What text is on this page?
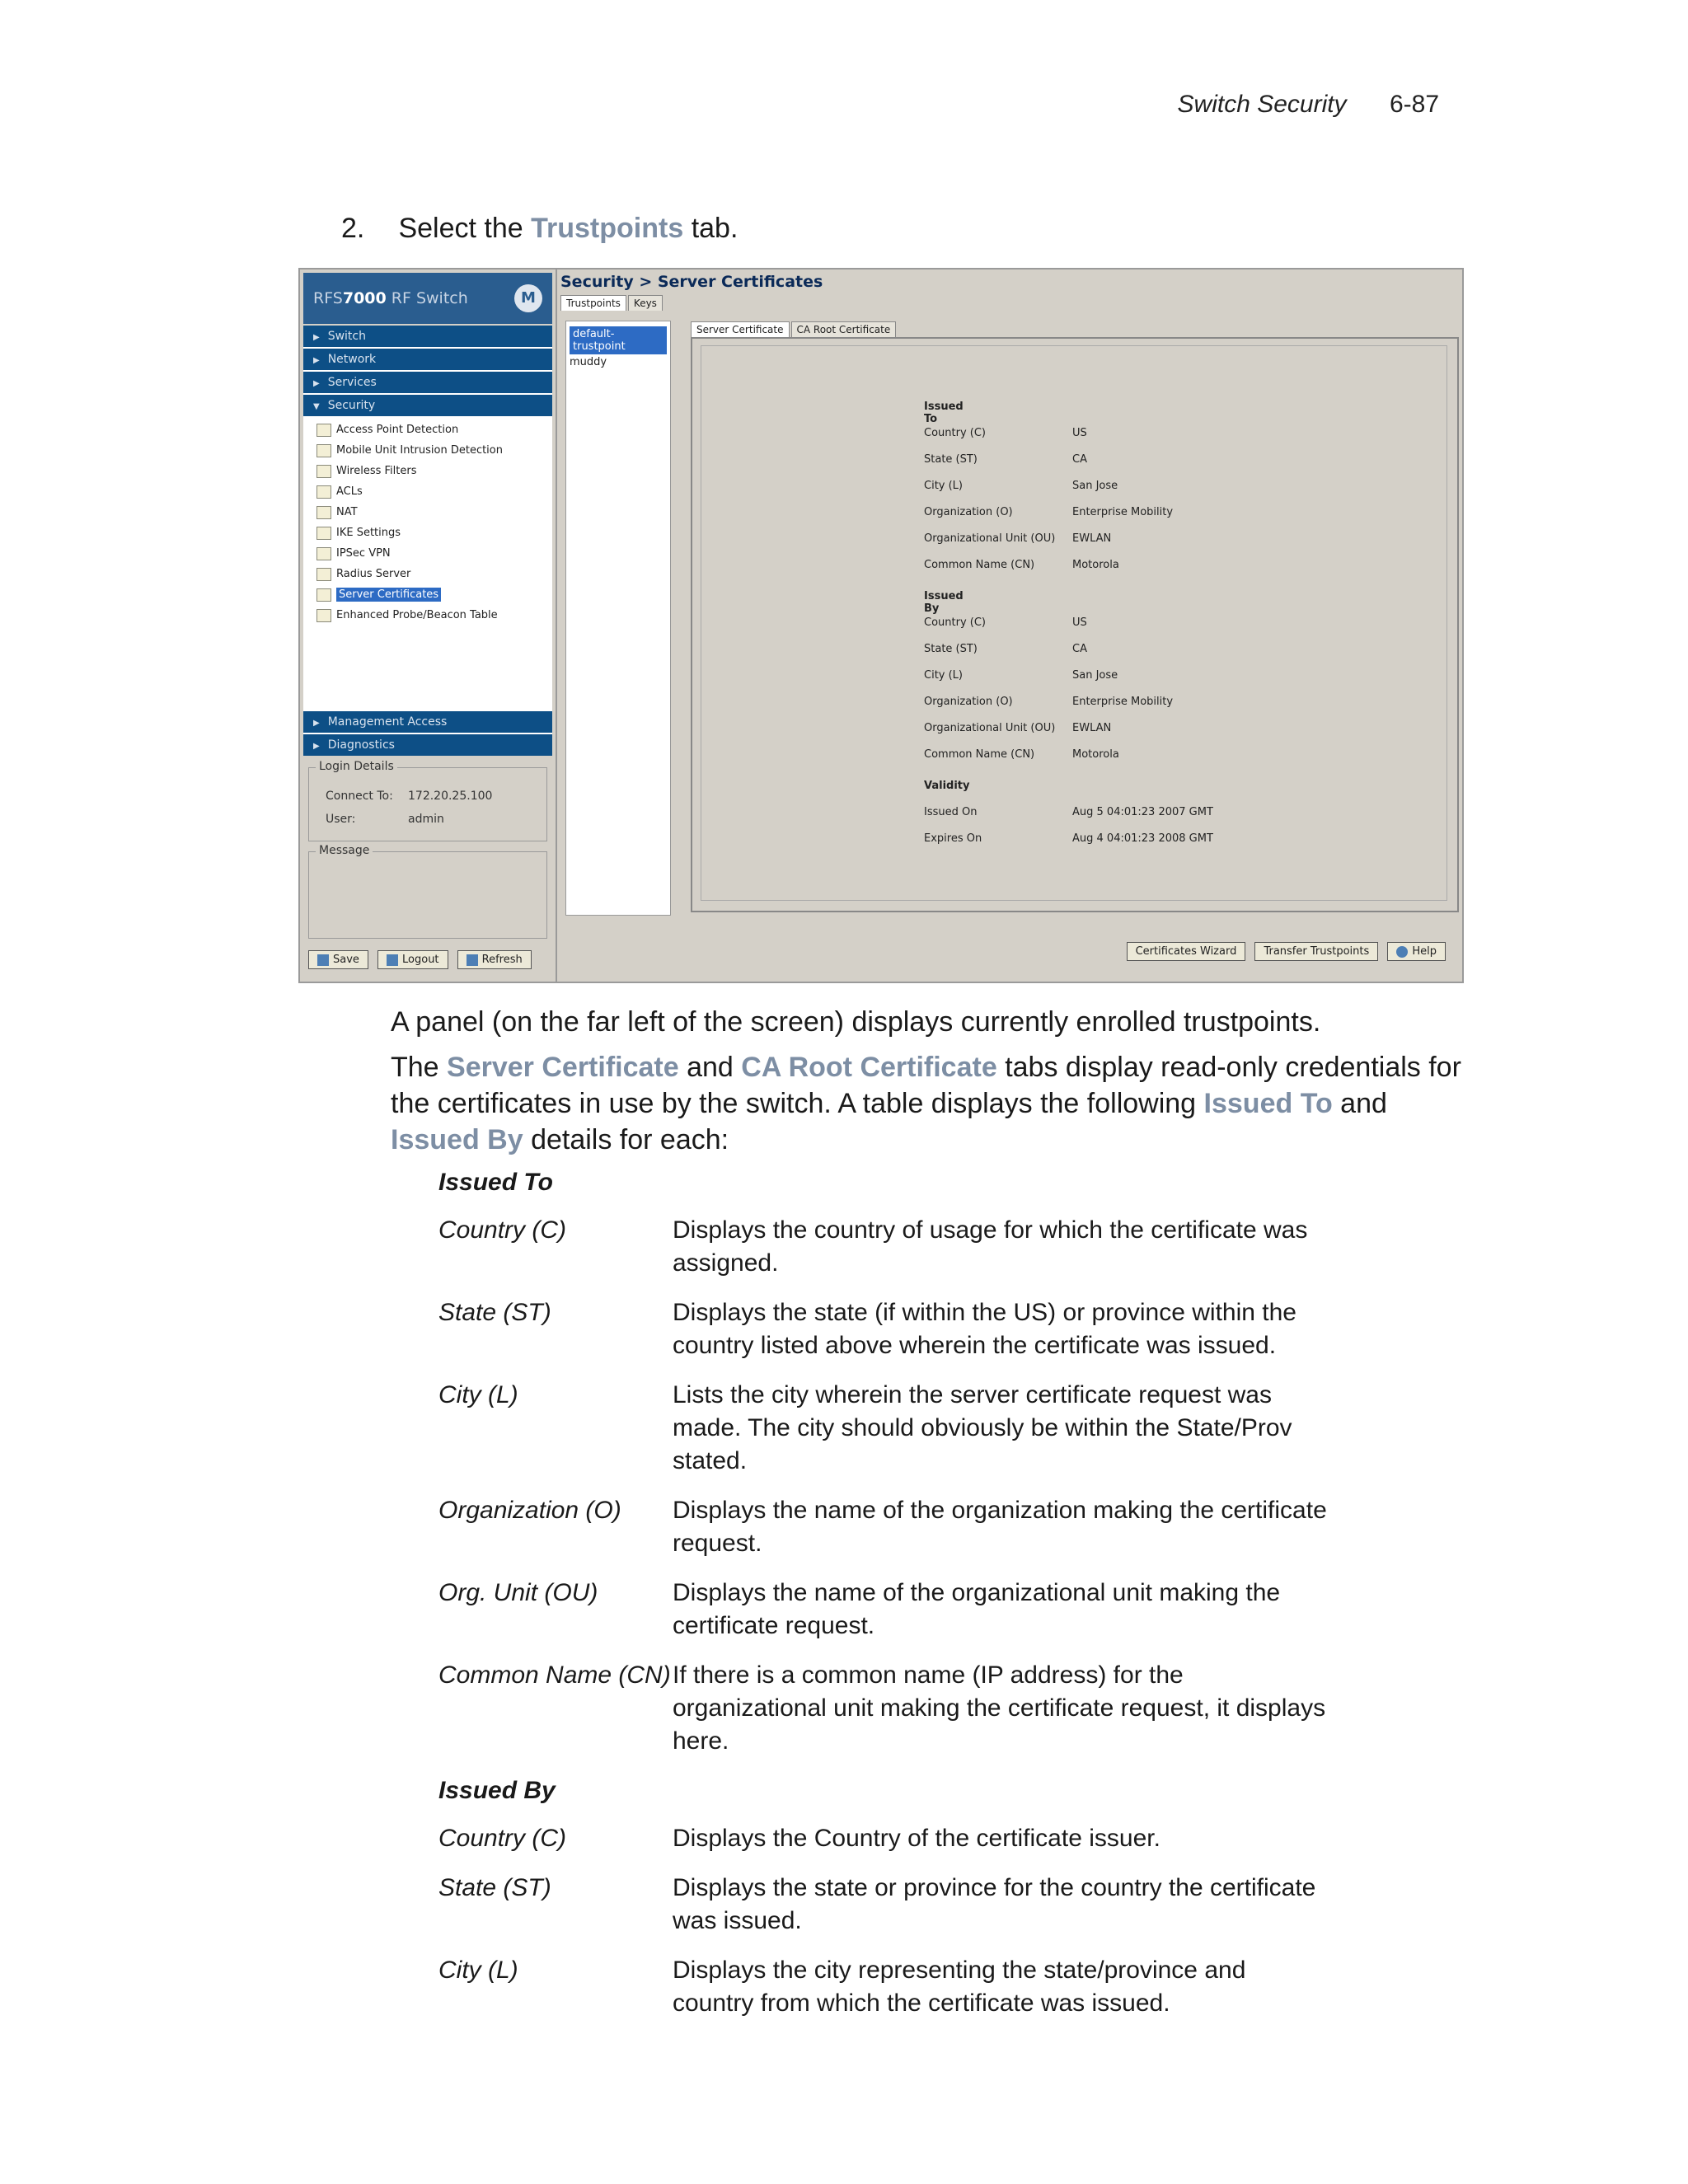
Switch Security 6-87
2. Select the Trustpoints tab.
RFS7000 RF Switch	M
▶ Switch
▶ Network
▶ Services
▼ Security
Access Point Detection
Mobile Unit Intrusion Detection
Wireless Filters
ACLs
NAT
IKE Settings
IPSec VPN
Radius Server
Server Certificates
Enhanced Probe/Beacon Table
▶ Management Access
▶ Diagnostics
Login Details
Connect To: 172.20.25.100
User:	admin
Message
Save	Logout	Refresh
Security > Server Certificates
Trustpoints Keys
default-trustpoint
muddy
Server Certificate CA Root Certificate
Issued To
Country (C)	US
State (ST)	CA
City (L)	San Jose
Organization (O)	Enterprise Mobility
Organizational Unit (OU) EWLAN
Common Name (CN)	Motorola
Issued By
Country (C)	US
State (ST)	CA
City (L)	San Jose
Organization (O)	Enterprise Mobility
Organizational Unit (OU) EWLAN
Common Name (CN)	Motorola
Validity
Issued On	Aug 5 04:01:23 2007 GMT
Expires On	Aug 4 04:01:23 2008 GMT
Certificates Wizard	Transfer Trustpoints	Help
A panel (on the far left of the screen) displays currently enrolled trustpoints.
The Server Certificate and CA Root Certificate tabs display read-only credentials for the certificates in use by the switch. A table displays the following Issued To and Issued By details for each:
Issued To
Country (C)	Displays the country of usage for which the certificate was assigned.
State (ST)	Displays the state (if within the US) or province within the country listed above wherein the certificate was issued.
City (L)	Lists the city wherein the server certificate request was made. The city should obviously be within the State/Prov stated.
Organization (O)	Displays the name of the organization making the certificate request.
Org. Unit (OU)	Displays the name of the organizational unit making the certificate request.
Common Name (CN) If there is a common name (IP address) for the organizational unit making the certificate request, it displays here.
Issued By
Country (C)	Displays the Country of the certificate issuer.
State (ST)	Displays the state or province for the country the certificate was issued.
City (L)	Displays the city representing the state/province and country from which the certificate was issued.
